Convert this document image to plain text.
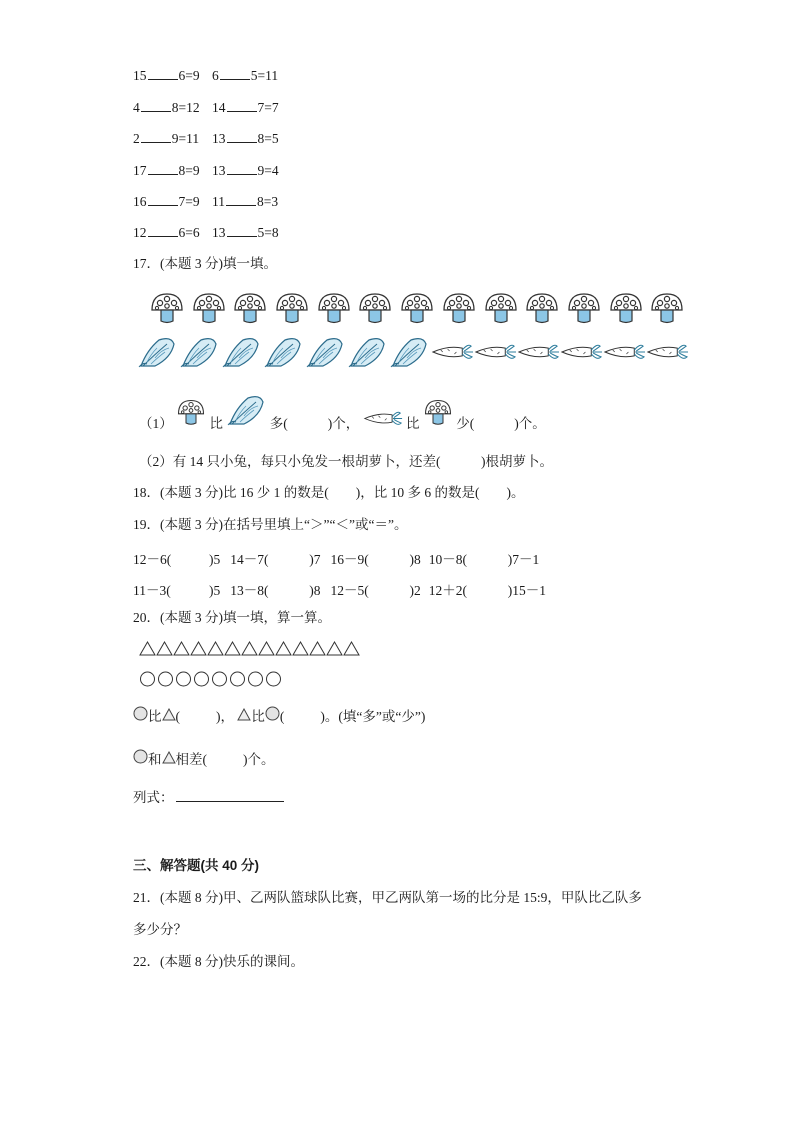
15 6=9 6 5=11
4 8=12 14 7=7
2 9=11 13 8=5
17 8=9 13 9=4
16 7=9 11 8=3
12 6=6 13 5=8
17．(本题 3 分)填一填。
（1）	比	多(	)个，	比	少(	)个。
（2）有 14 只小兔，每只小兔发一根胡萝卜，还差(　　　)根胡萝卜。
18．(本题 3 分)比 16 少 1 的数是(　　)，比 10 多 6 的数是(　　)。
19．(本题 3 分)在括号里填上“＞”“＜”或“＝”。
12－6(	)5 14－7(	)7 16－9(	)8 10－8(	)7－1
11－3(	)5 13－8(	)8 12－5(	)2 12＋2(	)15－1
20．(本题 3 分)填一填，算一算。
比 (	)， 比 (	)。(填“多”或“少”)
和 相差(	)个。
列式：
三、解答题(共 40 分)
21．(本题 8 分)甲、乙两队篮球队比赛，甲乙两队第一场的比分是 15:9，甲队比乙队多
多少分？
22．(本题 8 分)快乐的课间。
